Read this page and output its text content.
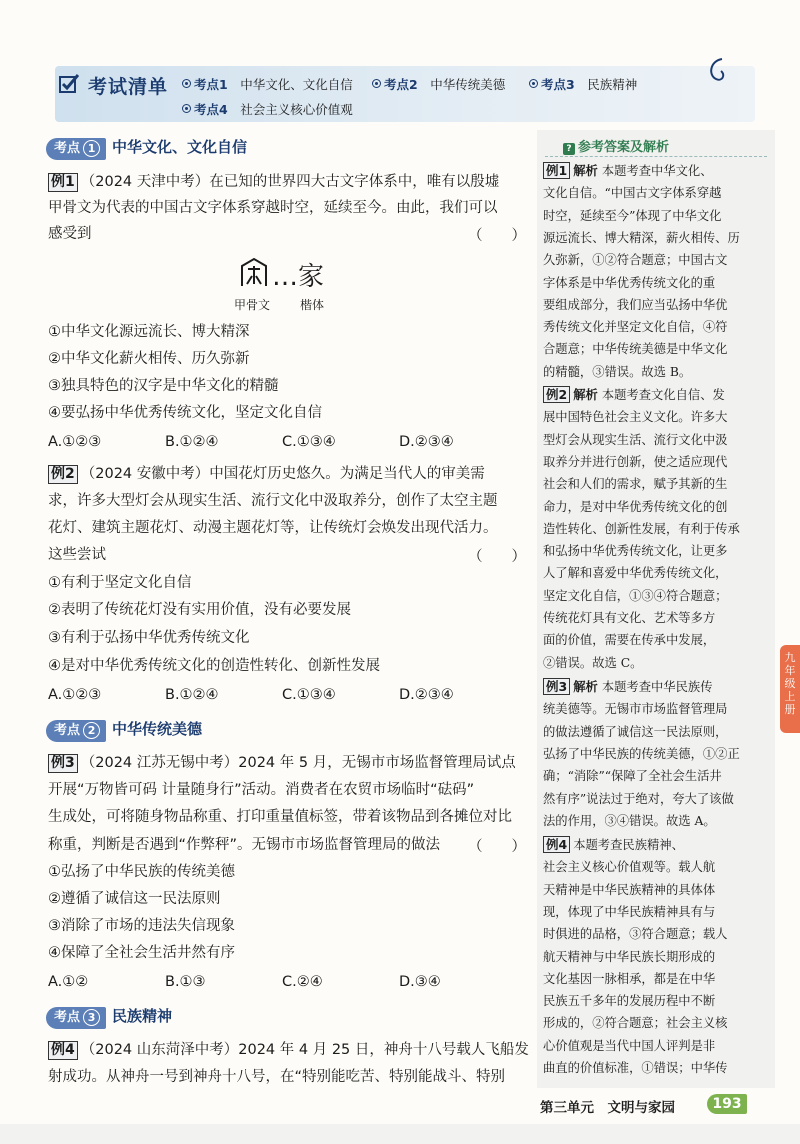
考试清单	考点1　 中华文化、文化自信	考点2　 中华传统美德	考点3　 民族精神
考点4　 社会主义核心价值观
考点 1 中华文化、文化自信
例1 （2024 天津中考）在已知的世界四大古文字体系中，唯有以殷墟
甲骨文为代表的中国古文字体系穿越时空，延续至今。由此，我们可以
感受到	（　　）
…家
甲骨文 楷体
①中华文化源远流长、博大精深
②中华文化薪火相传、历久弥新
③独具特色的汉字是中华文化的精髓
④要弘扬中华优秀传统文化，坚定文化自信
A.①②③	B.①②④	C.①③④	D.②③④
例2 （2024 安徽中考）中国花灯历史悠久。为满足当代人的审美需
求，许多大型灯会从现实生活、流行文化中汲取养分，创作了太空主题
花灯、建筑主题花灯、动漫主题花灯等，让传统灯会焕发出现代活力。
这些尝试	（　　）
①有利于坚定文化自信
②表明了传统花灯没有实用价值，没有必要发展
③有利于弘扬中华优秀传统文化
④是对中华优秀传统文化的创造性转化、创新性发展
A.①②③	B.①②④	C.①③④	D.②③④
考点 2 中华传统美德
例3 （2024 江苏无锡中考）2024 年 5 月，无锡市市场监督管理局试点
开展“万物皆可码 计量随身行”活动。消费者在农贸市场临时“砝码”
生成处，可将随身物品称重、打印重量值标签，带着该物品到各摊位对比
称重，判断是否遇到“作弊秤”。无锡市市场监督管理局的做法 （　　）
①弘扬了中华民族的传统美德
②遵循了诚信这一民法原则
③消除了市场的违法失信现象
④保障了全社会生活井然有序
A.①②	B.①③	C.②④	D.③④
考点 3 民族精神
例4 （2024 山东菏泽中考）2024 年 4 月 25 日，神舟十八号载人飞船发
射成功。从神舟一号到神舟十八号，在“特别能吃苦、特别能战斗、特别
? 参考答案及解析
例1 解析 本题考查中华文化、
文化自信。“中国古文字体系穿越
时空，延续至今”体现了中华文化
源远流长、博大精深，薪火相传、历
久弥新，①②符合题意；中国古文
字体系是中华优秀传统文化的重
要组成部分，我们应当弘扬中华优
秀传统文化并坚定文化自信，④符
合题意；中华传统美德是中华文化
的精髓，③错误。故选 B。
例2 解析 本题考查文化自信、发
展中国特色社会主义文化。许多大
型灯会从现实生活、流行文化中汲
取养分并进行创新，使之适应现代
社会和人们的需求，赋予其新的生
命力，是对中华优秀传统文化的创
造性转化、创新性发展，有利于传承
和弘扬中华优秀传统文化，让更多
人了解和喜爱中华优秀传统文化，
坚定文化自信，①③④符合题意；
传统花灯具有文化、艺术等多方
面的价值，需要在传承中发展，
②错误。故选 C。
例3 解析 本题考查中华民族传
统美德等。无锡市市场监督管理局
的做法遵循了诚信这一民法原则，
弘扬了中华民族的传统美德，①②正
确；“消除”“保障了全社会生活井
然有序”说法过于绝对，夸大了该做
法的作用，③④错误。故选 A。
例4 本题考查民族精神、
社会主义核心价值观等。载人航
天精神是中华民族精神的具体体
现，体现了中华民族精神具有与
时俱进的品格，③符合题意；载人
航天精神与中华民族长期形成的
文化基因一脉相承，都是在中华
民族五千多年的发展历程中不断
形成的，②符合题意；社会主义核
心价值观是当代中国人评判是非
曲直的价值标准，①错误；中华传
九年级上册
第三单元　文明与家园	193
